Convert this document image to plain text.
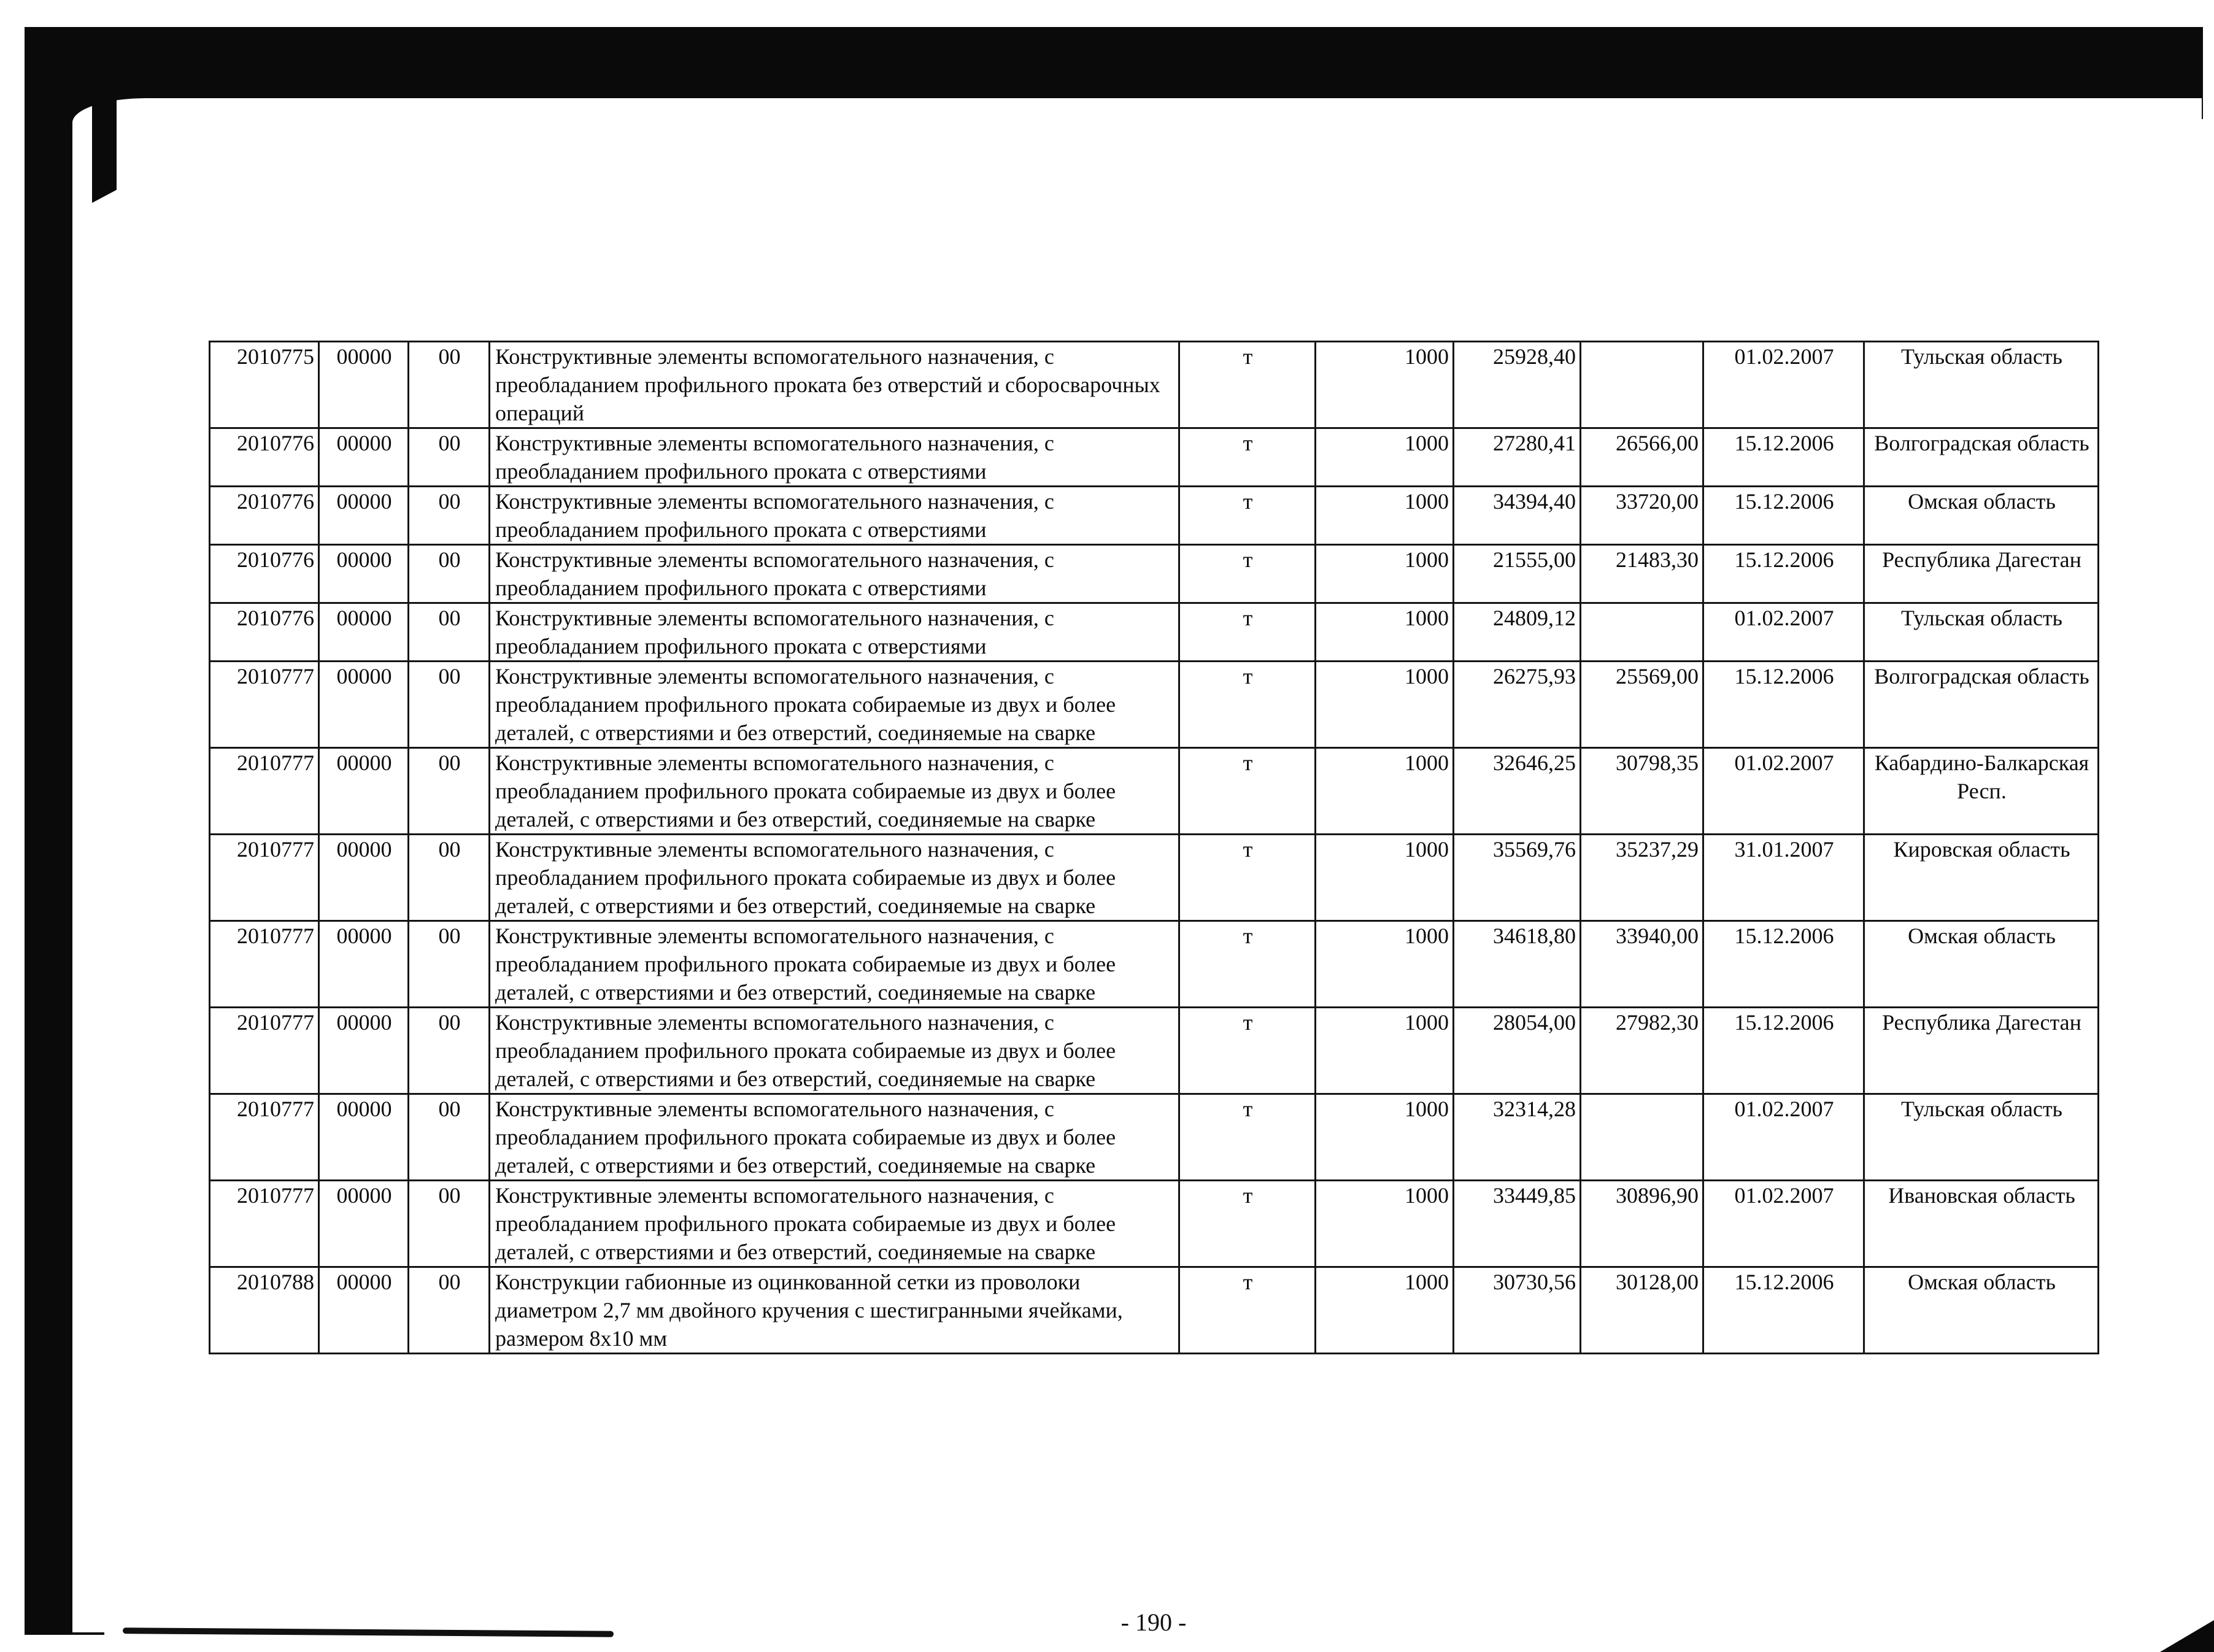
2010775	00000	00	Конструктивные элементы вспомогательного назначения, с преобладанием профильного проката без отверстий и сборосварочных операций	т	1000	25928,40		01.02.2007	Тульская область
2010776	00000	00	Конструктивные элементы вспомогательного назначения, с преобладанием профильного проката с отверстиями	т	1000	27280,41	26566,00	15.12.2006	Волгоградская область
2010776	00000	00	Конструктивные элементы вспомогательного назначения, с преобладанием профильного проката с отверстиями	т	1000	34394,40	33720,00	15.12.2006	Омская область
2010776	00000	00	Конструктивные элементы вспомогательного назначения, с преобладанием профильного проката с отверстиями	т	1000	21555,00	21483,30	15.12.2006	Республика Дагестан
2010776	00000	00	Конструктивные элементы вспомогательного назначения, с преобладанием профильного проката с отверстиями	т	1000	24809,12		01.02.2007	Тульская область
2010777	00000	00	Конструктивные элементы вспомогательного назначения, с преобладанием профильного проката собираемые из двух и более деталей, с отверстиями и без отверстий, соединяемые на сварке	т	1000	26275,93	25569,00	15.12.2006	Волгоградская область
2010777	00000	00	Конструктивные элементы вспомогательного назначения, с преобладанием профильного проката собираемые из двух и более деталей, с отверстиями и без отверстий, соединяемые на сварке	т	1000	32646,25	30798,35	01.02.2007	Кабардино-Балкарская Респ.
2010777	00000	00	Конструктивные элементы вспомогательного назначения, с преобладанием профильного проката собираемые из двух и более деталей, с отверстиями и без отверстий, соединяемые на сварке	т	1000	35569,76	35237,29	31.01.2007	Кировская область
2010777	00000	00	Конструктивные элементы вспомогательного назначения, с преобладанием профильного проката собираемые из двух и более деталей, с отверстиями и без отверстий, соединяемые на сварке	т	1000	34618,80	33940,00	15.12.2006	Омская область
2010777	00000	00	Конструктивные элементы вспомогательного назначения, с преобладанием профильного проката собираемые из двух и более деталей, с отверстиями и без отверстий, соединяемые на сварке	т	1000	28054,00	27982,30	15.12.2006	Республика Дагестан
2010777	00000	00	Конструктивные элементы вспомогательного назначения, с преобладанием профильного проката собираемые из двух и более деталей, с отверстиями и без отверстий, соединяемые на сварке	т	1000	32314,28		01.02.2007	Тульская область
2010777	00000	00	Конструктивные элементы вспомогательного назначения, с преобладанием профильного проката собираемые из двух и более деталей, с отверстиями и без отверстий, соединяемые на сварке	т	1000	33449,85	30896,90	01.02.2007	Ивановская область
2010788	00000	00	Конструкции габионные из оцинкованной сетки из проволоки диаметром 2,7 мм двойного кручения с шестигранными ячейками, размером 8х10 мм	т	1000	30730,56	30128,00	15.12.2006	Омская область
- 190 -
